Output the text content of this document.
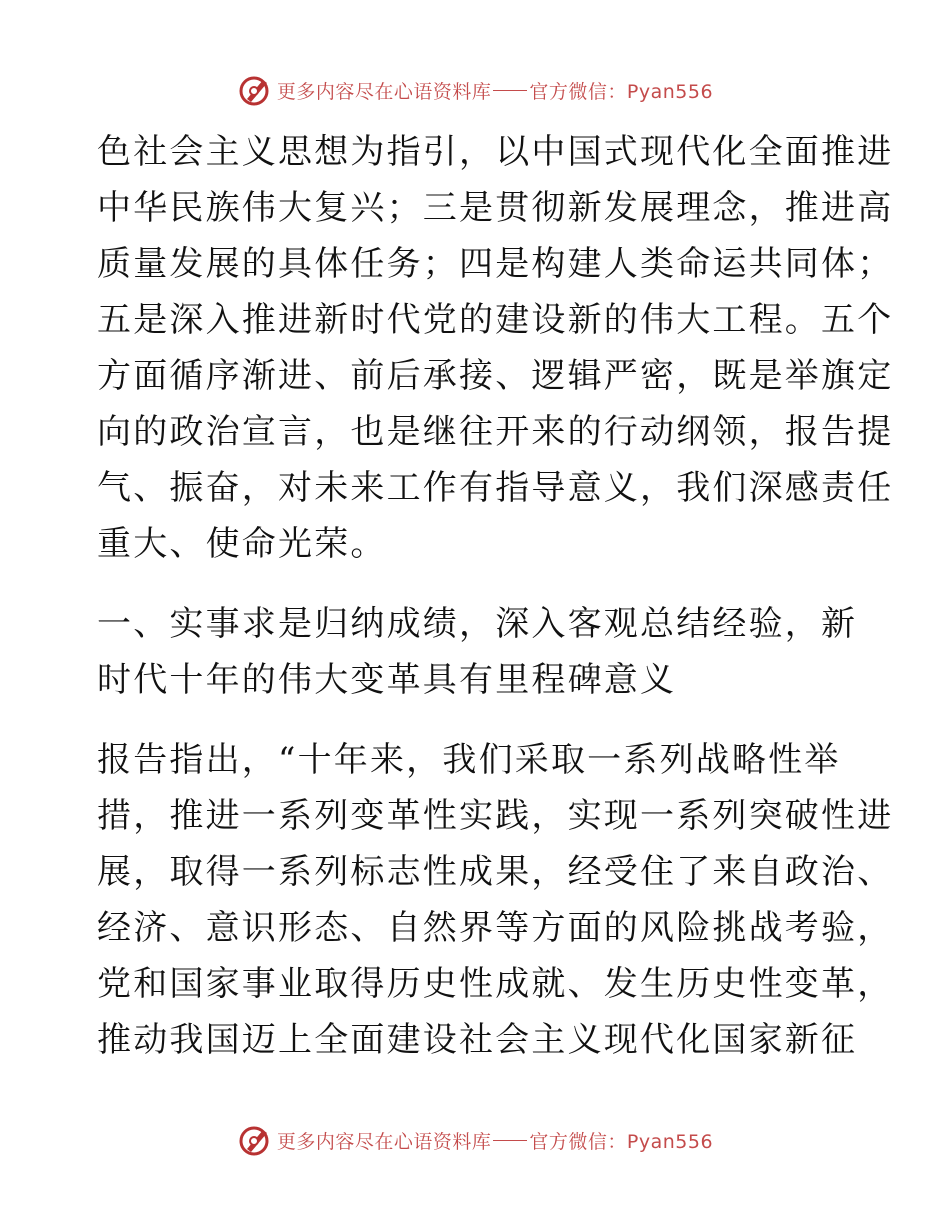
更多内容尽在心语资料库 官方微信：Pyan556
色社会主义思想为指引，以中国式现代化全面推进
中华民族伟大复兴；三是贯彻新发展理念，推进高
质量发展的具体任务；四是构建人类命运共同体；
五是深入推进新时代党的建设新的伟大工程。五个
方面循序渐进、前后承接、逻辑严密，既是举旗定
向的政治宣言，也是继往开来的行动纲领，报告提
气、振奋，对未来工作有指导意义，我们深感责任
重大、使命光荣。
一、实事求是归纳成绩，深入客观总结经验，新
时代十年的伟大变革具有里程碑意义
报告指出，“十年来，我们采取一系列战略性举
措，推进一系列变革性实践，实现一系列突破性进
展，取得一系列标志性成果，经受住了来自政治、
经济、意识形态、自然界等方面的风险挑战考验，
党和国家事业取得历史性成就、发生历史性变革，
推动我国迈上全面建设社会主义现代化国家新征
更多内容尽在心语资料库 官方微信：Pyan556
